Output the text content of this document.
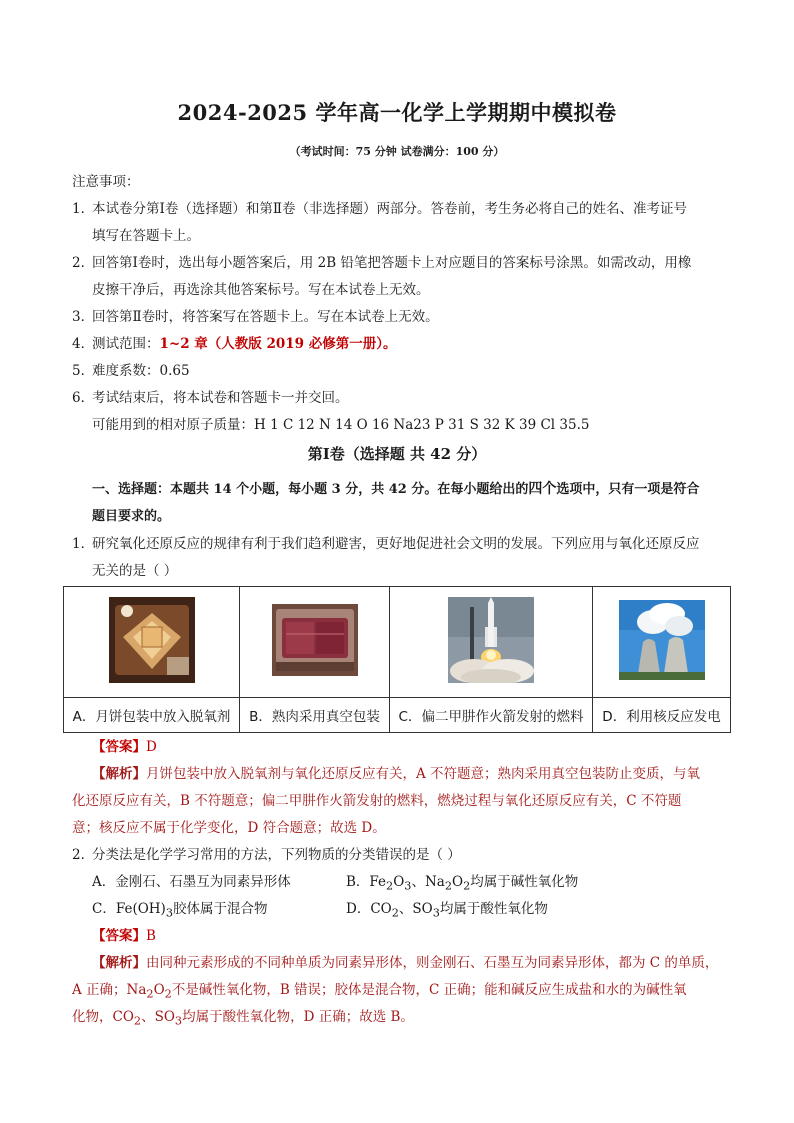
2024-2025 学年高一化学上学期期中模拟卷
（考试时间：75 分钟 试卷满分：100 分）
注意事项：
1．
本试卷分第Ⅰ卷（选择题）和第Ⅱ卷（非选择题）两部分。答卷前，考生务必将自己的姓名、准考证号
填写在答题卡上。
2．
回答第Ⅰ卷时，选出每小题答案后，用 2B 铅笔把答题卡上对应题目的答案标号涂黑。如需改动，用橡
皮擦干净后，再选涂其他答案标号。写在本试卷上无效。
3．
回答第Ⅱ卷时，将答案写在答题卡上。写在本试卷上无效。
4．
测试范围：1~2 章（人教版 2019 必修第一册）。
5．
难度系数：0.65
6．
考试结束后，将本试卷和答题卡一并交回。
可能用到的相对原子质量：H 1 C 12 N 14 O 16 Na23 P 31 S 32 K 39 Cl 35.5
第Ⅰ卷（选择题 共 42 分）
一、选择题：本题共 14 个小题，每小题 3 分，共 42 分。在每小题给出的四个选项中，只有一项是符合
题目要求的。
1．
研究氧化还原反应的规律有利于我们趋利避害，更好地促进社会文明的发展。下列应用与氧化还原反应
无关的是（ ）

A．月饼包装中放入脱氧剂	B．熟肉采用真空包装	C．偏二甲肼作火箭发射的燃料	D．利用核反应发电
【答案】D
【解析】月饼包装中放入脱氧剂与氧化还原反应有关，A 不符题意；熟肉采用真空包装防止变质，与氧
化还原反应有关，B 不符题意；偏二甲肼作火箭发射的燃料，燃烧过程与氧化还原反应有关，C 不符题
意；核反应不属于化学变化，D 符合题意；故选 D。
2．
分类法是化学学习常用的方法，下列物质的分类错误的是（ ）
A．金刚石、石墨互为同素异形体	B．$Fe_2O_3$、$Na_2O_2$均属于碱性氧化物
C．$Fe(OH)_3$胶体属于混合物	D．$CO_2$、$SO_3$均属于酸性氧化物
【答案】B
【解析】由同种元素形成的不同种单质为同素异形体，则金刚石、石墨互为同素异形体，都为 C 的单质，
A 正确；$Na_2O_2$不是碱性氧化物，B 错误；胶体是混合物，C 正确；能和碱反应生成盐和水的为碱性氧
化物，$CO_2$、$SO_3$均属于酸性氧化物，D 正确；故选 B。
